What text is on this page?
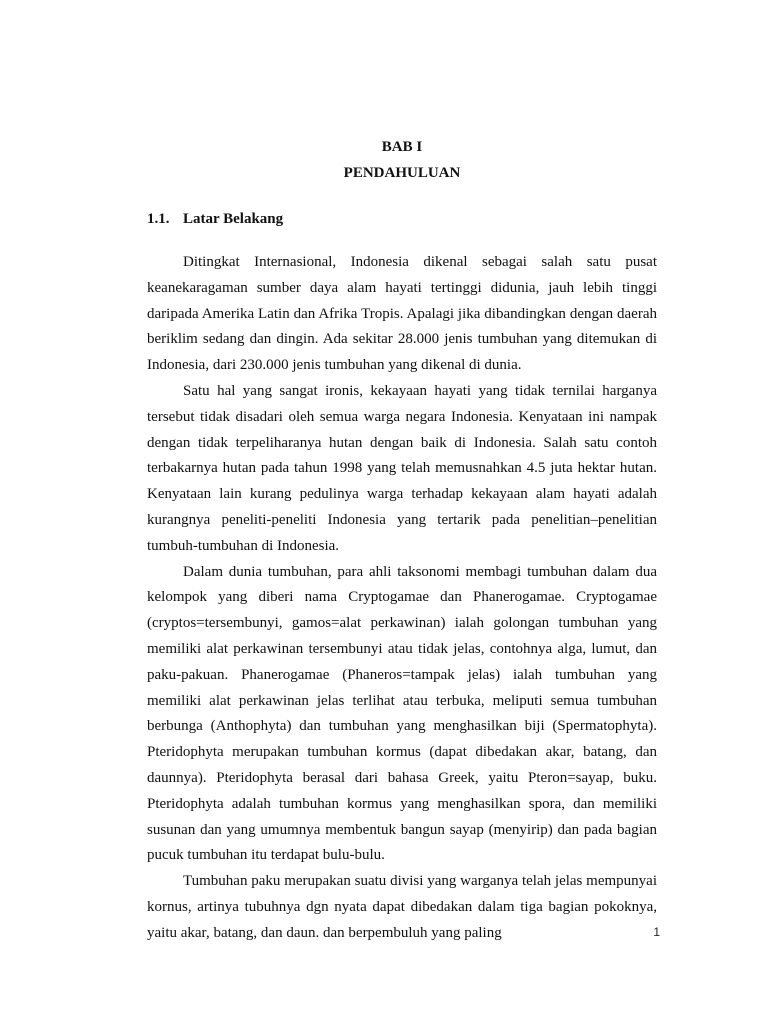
BAB I

PENDAHULUAN

1.1. Latar Belakang

Ditingkat Internasional, Indonesia dikenal sebagai salah satu pusat keanekaragaman sumber daya alam hayati tertinggi didunia, jauh lebih tinggi daripada Amerika Latin dan Afrika Tropis. Apalagi jika dibandingkan dengan daerah beriklim sedang dan dingin. Ada sekitar 28.000 jenis tumbuhan yang ditemukan di Indonesia, dari 230.000 jenis tumbuhan yang dikenal di dunia.

Satu hal yang sangat ironis, kekayaan hayati yang tidak ternilai harganya tersebut tidak disadari oleh semua warga negara Indonesia. Kenyataan ini nampak dengan tidak terpeliharanya hutan dengan baik di Indonesia. Salah satu contoh terbakarnya hutan pada tahun 1998 yang telah memusnahkan 4.5 juta hektar hutan. Kenyataan lain kurang pedulinya warga terhadap kekayaan alam hayati adalah kurangnya peneliti-peneliti Indonesia yang tertarik pada penelitian–penelitian tumbuh-tumbuhan di Indonesia.

Dalam dunia tumbuhan, para ahli taksonomi membagi tumbuhan dalam dua kelompok yang diberi nama Cryptogamae dan Phanerogamae. Cryptogamae (cryptos=tersembunyi, gamos=alat perkawinan) ialah golongan tumbuhan yang memiliki alat perkawinan tersembunyi atau tidak jelas, contohnya alga, lumut, dan paku-pakuan. Phanerogamae (Phaneros=tampak jelas) ialah tumbuhan yang memiliki alat perkawinan jelas terlihat atau terbuka, meliputi semua tumbuhan berbunga (Anthophyta) dan tumbuhan yang menghasilkan biji (Spermatophyta). Pteridophyta merupakan tumbuhan kormus (dapat dibedakan akar, batang, dan daunnya). Pteridophyta berasal dari bahasa Greek, yaitu Pteron=sayap, buku. Pteridophyta adalah tumbuhan kormus yang menghasilkan spora, dan memiliki susunan dan yang umumnya membentuk bangun sayap (menyirip) dan pada bagian pucuk tumbuhan itu terdapat bulu-bulu.

Tumbuhan paku merupakan suatu divisi yang warganya telah jelas mempunyai kornus, artinya tubuhnya dgn nyata dapat dibedakan dalam tiga bagian pokoknya, yaitu akar, batang, dan daun. dan berpembuluh yang paling	1
